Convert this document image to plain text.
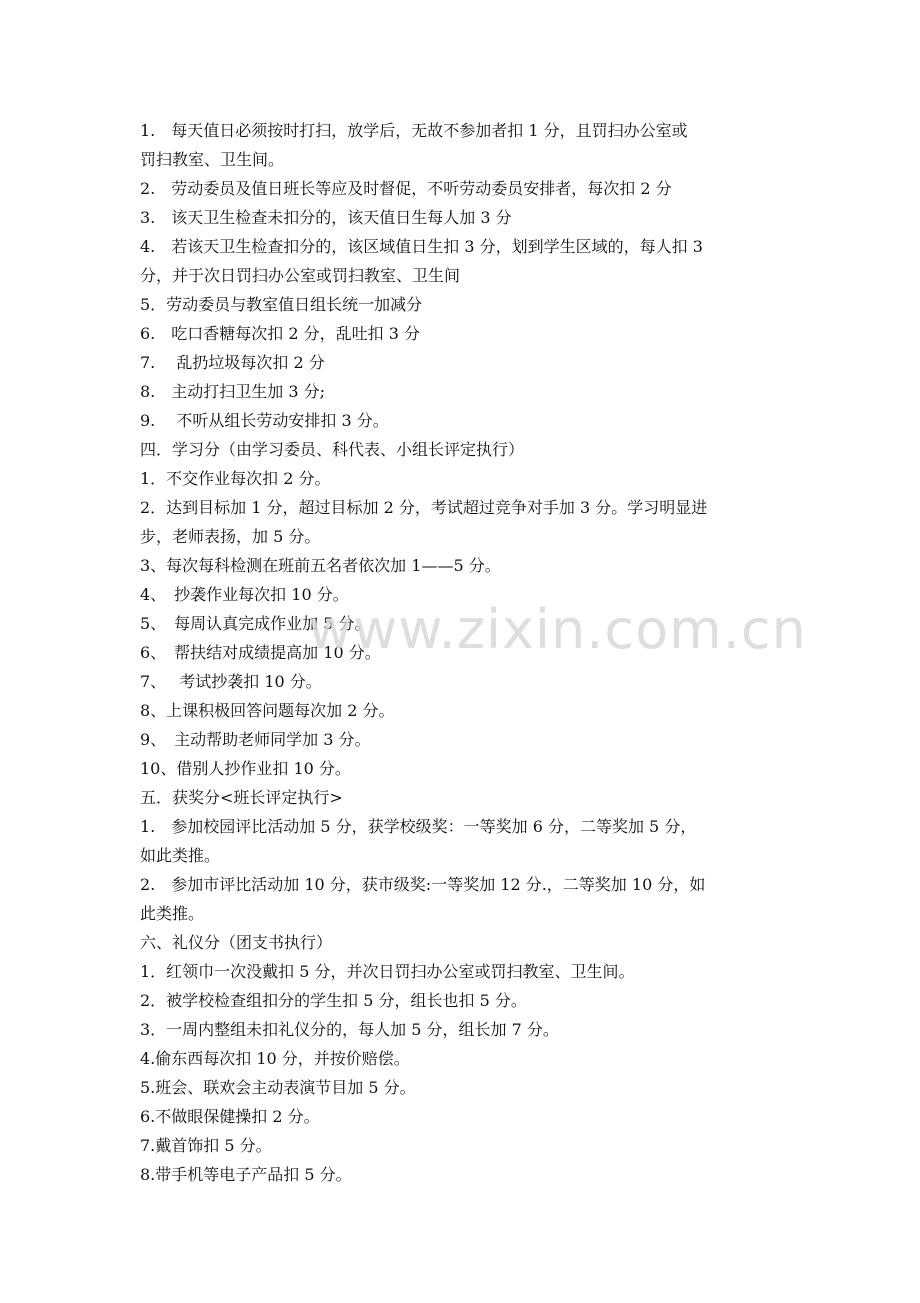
1.　每天值日必须按时打扫，放学后，无故不参加者扣 1 分，且罚扫办公室或
罚扫教室、卫生间。
2.　劳动委员及值日班长等应及时督促，不听劳动委员安排者，每次扣 2 分
3.　该天卫生检查未扣分的，该天值日生每人加 3 分
4.　若该天卫生检查扣分的，该区域值日生扣 3 分，划到学生区域的，每人扣 3
分，并于次日罚扫办公室或罚扫教室、卫生间
5．劳动委员与教室值日组长统一加减分
6.　吃口香糖每次扣 2 分，乱吐扣 3 分
7.　 乱扔垃圾每次扣 2 分
8.　主动打扫卫生加 3 分;
9.　 不听从组长劳动安排扣 3 分。
四．学习分（由学习委员、科代表、小组长评定执行）
1．不交作业每次扣 2 分。
2．达到目标加 1 分，超过目标加 2 分，考试超过竞争对手加 3 分。学习明显进
步，老师表扬，加 5 分。
3、每次每科检测在班前五名者依次加 1——5 分。
4、　抄袭作业每次扣 10 分。
5、　每周认真完成作业加 5 分。
6、　帮扶结对成绩提高加 10 分。
7、　 考试抄袭扣 10 分。
8、上课积极回答问题每次加 2 分。
9、　主动帮助老师同学加 3 分。
10、借别人抄作业扣 10 分。
五．获奖分<班长评定执行>
1.　参加校园评比活动加 5 分，获学校级奖：一等奖加 6 分，二等奖加 5 分，
如此类推。
2.　参加市评比活动加 10 分，获市级奖:一等奖加 12 分.，二等奖加 10 分，如
此类推。
六、礼仪分（团支书执行）
1．红领巾一次没戴扣 5 分，并次日罚扫办公室或罚扫教室、卫生间。
2．被学校检查组扣分的学生扣 5 分，组长也扣 5 分。
3．一周内整组未扣礼仪分的，每人加 5 分，组长加 7 分。
4.偷东西每次扣 10 分，并按价赔偿。
5.班会、联欢会主动表演节目加 5 分。
6.不做眼保健操扣 2 分。
7.戴首饰扣 5 分。
8.带手机等电子产品扣 5 分。
www.zixin.com.cn
